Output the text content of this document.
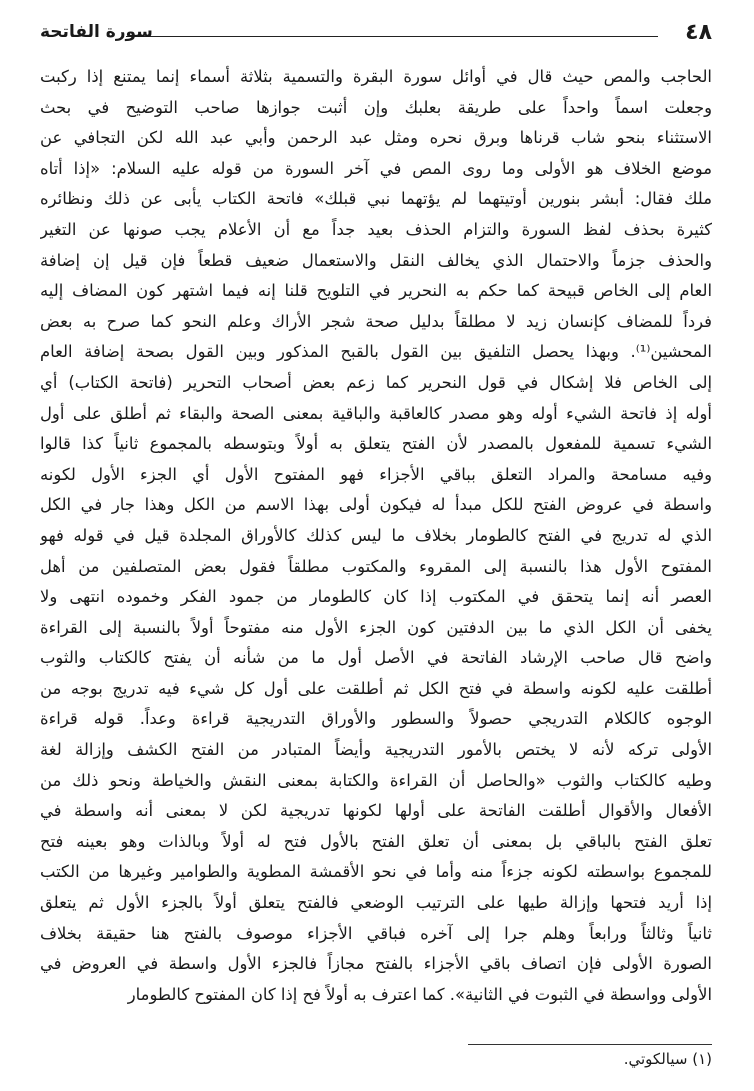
٤٨
سورة الفاتحة
الحاجب والمص حيث قال في أوائل سورة البقرة والتسمية بثلاثة أسماء إنما يمتنع إذا ركبت
وجعلت اسماً واحداً على طريقة بعلبك وإن أثبت جوازها صاحب التوضيح في بحث
الاستثناء بنحو شاب قرناها وبرق نحره ومثل عبد الرحمن وأبي عبد الله لكن التجافي عن
موضع الخلاف هو الأولى وما روى المص في آخر السورة من قوله عليه السلام: «إذا أتاه
ملك فقال: أبشر بنورين أوتيتهما لم يؤتهما نبي قبلك» فاتحة الكتاب يأبى عن ذلك ونظائره
كثيرة بحذف لفظ السورة والتزام الحذف بعيد جداً مع أن الأعلام يجب صونها عن التغير
والحذف جزماً والاحتمال الذي يخالف النقل والاستعمال ضعيف قطعاً فإن قيل إن إضافة
العام إلى الخاص قبيحة كما حكم به النحرير في التلويح قلنا إنه فيما اشتهر كون المضاف إليه
فرداً للمضاف كإنسان زيد لا مطلقاً بدليل صحة شجر الأراك وعلم النحو كما صرح به بعض
المحشين⁽¹⁾. وبهذا يحصل التلفيق بين القول بالقبح المذكور وبين القول بصحة إضافة العام
إلى الخاص فلا إشكال في قول النحرير كما زعم بعض أصحاب التحرير (فاتحة الكتاب) أي
أوله إذ فاتحة الشيء أوله وهو مصدر كالعاقبة والباقية بمعنى الصحة والبقاء ثم أطلق على أول
الشيء تسمية للمفعول بالمصدر لأن الفتح يتعلق به أولاً وبتوسطه بالمجموع ثانياً كذا قالوا
وفيه مسامحة والمراد التعلق بباقي الأجزاء فهو المفتوح الأول أي الجزء الأول لكونه
واسطة في عروض الفتح للكل مبدأ له فيكون أولى بهذا الاسم من الكل وهذا جار في الكل
الذي له تدريج في الفتح كالطومار بخلاف ما ليس كذلك كالأوراق المجلدة قيل في قوله فهو
المفتوح الأول هذا بالنسبة إلى المقروء والمكتوب مطلقاً فقول بعض المتصلفين من أهل
العصر أنه إنما يتحقق في المكتوب إذا كان كالطومار من جمود الفكر وخموده انتهى ولا
يخفى أن الكل الذي ما بين الدفتين كون الجزء الأول منه مفتوحاً أولاً بالنسبة إلى القراءة
واضح قال صاحب الإرشاد الفاتحة في الأصل أول ما من شأنه أن يفتح كالكتاب والثوب
أطلقت عليه لكونه واسطة في فتح الكل ثم أطلقت على أول كل شيء فيه تدريج بوجه من
الوجوه كالكلام التدريجي حصولاً والسطور والأوراق التدريجية قراءة وعداً. قوله قراءة
الأولى تركه لأنه لا يختص بالأمور التدريجية وأيضاً المتبادر من الفتح الكشف وإزالة لغة
وطيه كالكتاب والثوب «والحاصل أن القراءة والكتابة بمعنى النقش والخياطة ونحو ذلك من
الأفعال والأقوال أطلقت الفاتحة على أولها لكونها تدريجية لكن لا بمعنى أنه واسطة في
تعلق الفتح بالباقي بل بمعنى أن تعلق الفتح بالأول فتح له أولاً وبالذات وهو بعينه فتح
للمجموع بواسطته لكونه جزءاً منه وأما في نحو الأقمشة المطوية والطوامير وغيرها من الكتب
إذا أريد فتحها وإزالة طيها على الترتيب الوضعي فالفتح يتعلق أولاً بالجزء الأول ثم يتعلق
ثانياً وثالثاً ورابعاً وهلم جرا إلى آخره فباقي الأجزاء موصوف بالفتح هنا حقيقة بخلاف
الصورة الأولى فإن اتصاف باقي الأجزاء بالفتح مجازاً فالجزء الأول واسطة في العروض في
الأولى وواسطة في الثبوت في الثانية». كما اعترف به أولاً فح إذا كان المفتوح كالطومار
(١) سيالكوتي.
